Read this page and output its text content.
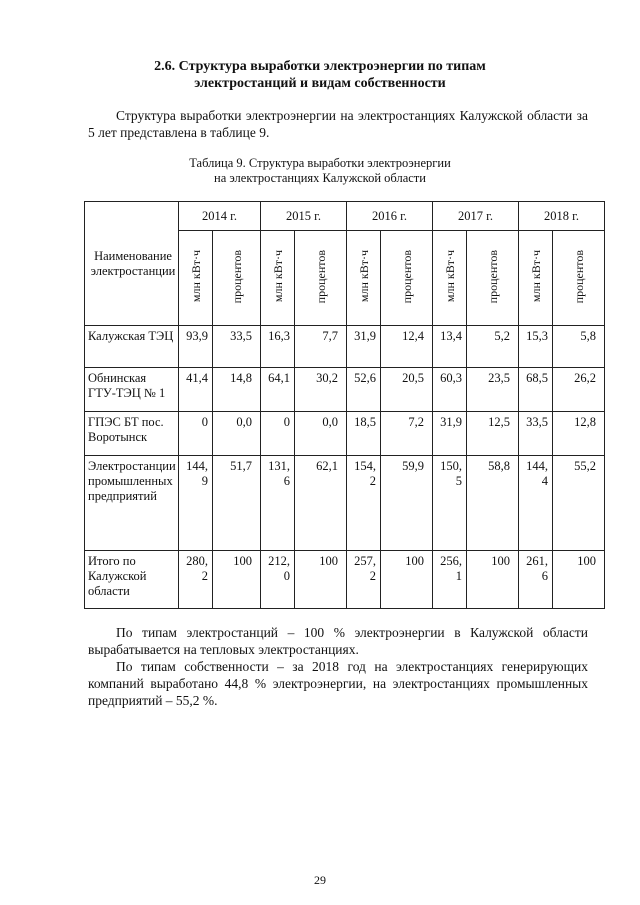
2.6. Структура выработки электроэнергии по типам
электростанций и видам собственности

Структура выработки электроэнергии на электростанциях Калужской области за 5 лет представлена в таблице 9.

Таблица 9. Структура выработки электроэнергии
на электростанциях Калужской области
Наименование электростанции	2014 г.		2015 г.		2016 г.		2017 г.		2018 г.	
	млн кВт·ч	процентов	млн кВт·ч	процентов	млн кВт·ч	процентов	млн кВт·ч	процентов	млн кВт·ч	процентов
Калужская ТЭЦ	93,9	33,5	16,3	7,7	31,9	12,4	13,4	5,2	15,3	5,8
Обнинская ГТУ-ТЭЦ № 1	41,4	14,8	64,1	30,2	52,6	20,5	60,3	23,5	68,5	26,2
ГПЭС БТ пос. Воротынск	0	0,0	0	0,0	18,5	7,2	31,9	12,5	33,5	12,8
Электростанции промышленных предприятий	144,9	51,7	131,6	62,1	154,2	59,9	150,5	58,8	144,4	55,2
Итого по Калужской области	280,2	100	212,0	100	257,2	100	256,1	100	261,6	100

По типам электростанций – 100 % электроэнергии в Калужской области вырабатывается на тепловых электростанциях.

По типам собственности – за 2018 год на электростанциях генерирующих компаний выработано 44,8 % электроэнергии, на электростанциях промышленных предприятий – 55,2 %.

29
